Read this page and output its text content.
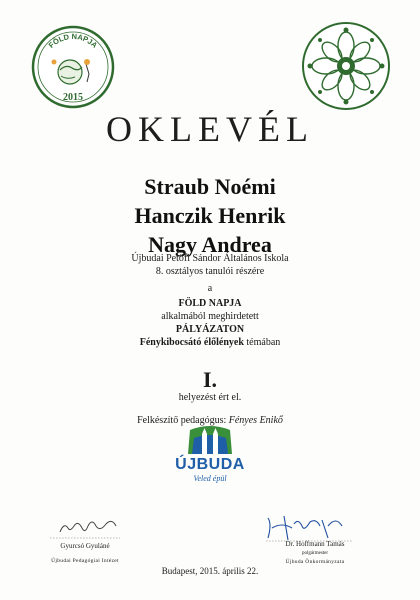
FÖLD NAPJA
2015
OKLEVÉL
Straub Noémi
Hanczik Henrik
Nagy Andrea
Újbudai Petőfi Sándor Általános Iskola
8. osztályos tanulói részére
a
FÖLD NAPJA
alkalmából meghirdetett
PÁLYÁZATON
Fénykibocsátó élőlények témában
I.
helyezést ért el.
Felkészítő pedagógus: Fényes Enikő
ÚJBUDA
Veled épül
Gyurcsó Gyuláné
Újbudai Pedagógiai Intézet
Dr. Hoffmann Tamás
polgármester
Újbuda Önkormányzata
Budapest, 2015. április 22.
